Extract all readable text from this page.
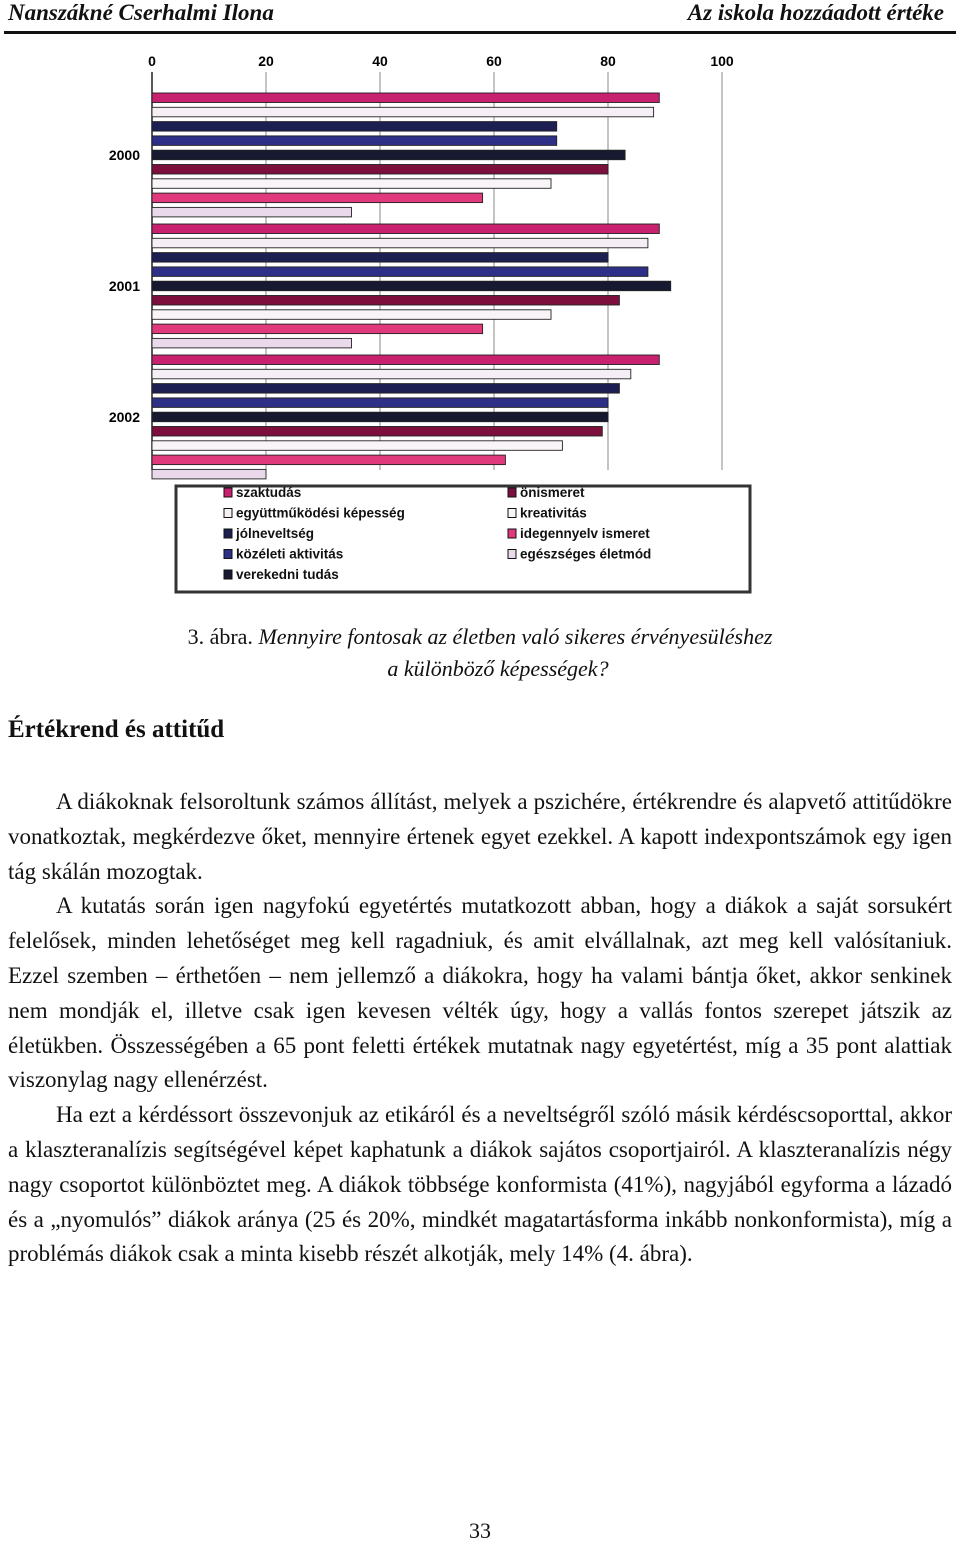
Nanszákné Cserhalmi Ilona	Az iskola hozzáadott értéke
0	20	40	60	80	100
2000
2001
2002
szaktudás
együttműködési képesség
jólneveltség
közéleti aktivitás
verekedni tudás
önismeret
kreativitás
idegennyelv ismeret
egészséges életmód
3. ábra. Mennyire fontosak az életben való sikeres érvényesüléshez
a különböző képességek?
Értékrend és attitűd

A diákoknak felsoroltunk számos állítást, melyek a pszichére, értékrendre és alapvető attitűdökre vonatkoztak, megkérdezve őket, mennyire értenek egyet ezekkel. A kapott indexpontszámok egy igen tág skálán mozogtak.

A kutatás során igen nagyfokú egyetértés mutatkozott abban, hogy a diákok a saját sorsukért felelősek, minden lehetőséget meg kell ragadniuk, és amit elvállalnak, azt meg kell valósítaniuk. Ezzel szemben – érthetően – nem jellemző a diákokra, hogy ha valami bántja őket, akkor senkinek nem mondják el, illetve csak igen kevesen vélték úgy, hogy a vallás fontos szerepet játszik az életükben. Összességében a 65 pont feletti értékek mutatnak nagy egyetértést, míg a 35 pont alattiak viszonylag nagy ellenérzést.

Ha ezt a kérdéssort összevonjuk az etikáról és a neveltségről szóló másik kérdéscsoporttal, akkor a klaszteranalízis segítségével képet kaphatunk a diákok sajátos csoportjairól. A klaszteranalízis négy nagy csoportot különböztet meg. A diákok többsége konformista (41%), nagyjából egyforma a lázadó és a „nyomulós” diákok aránya (25 és 20%, mindkét magatartásforma inkább nonkonformista), míg a problémás diákok csak a minta kisebb részét alkotják, mely 14% (4. ábra).

33
